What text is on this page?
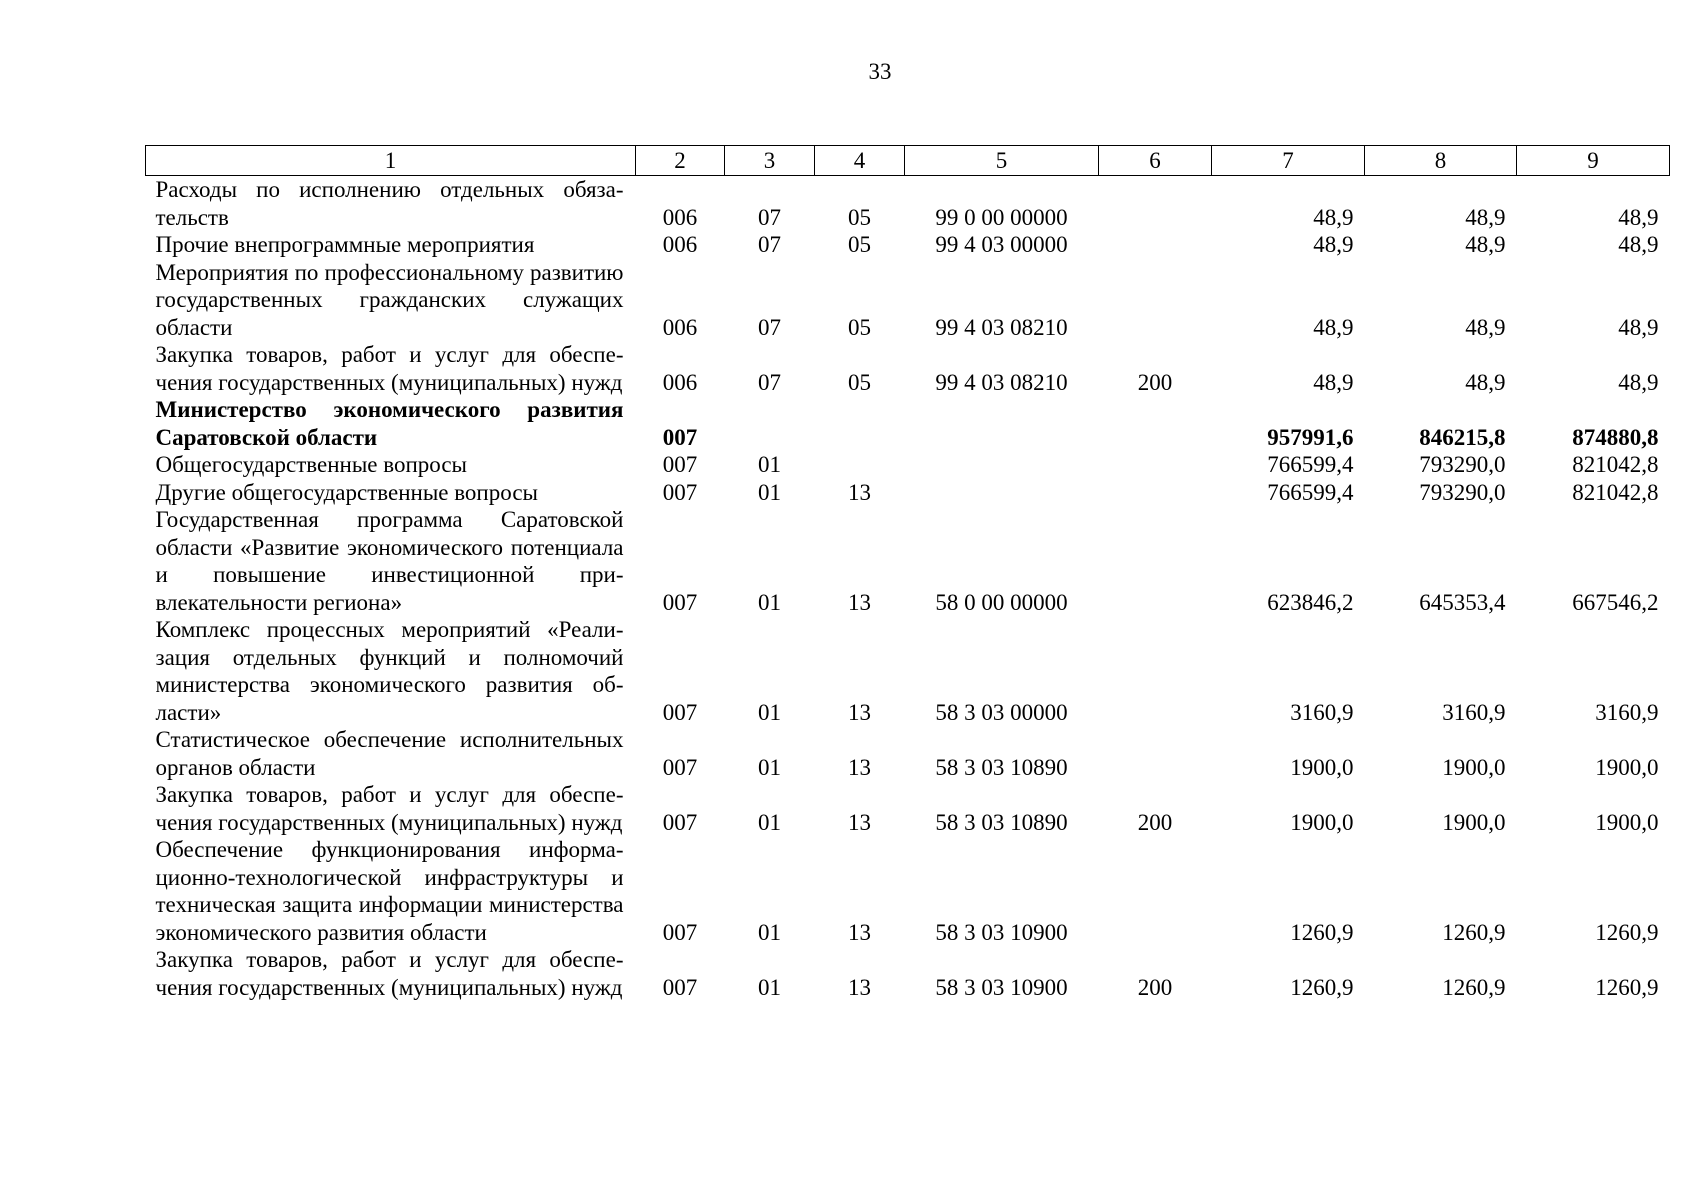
33
1	2	3	4	5	6	7	8	9
Расходы по исполнению отдельных обязательств	006	07	05	99 0 00 00000		48,9	48,9	48,9
Прочие внепрограммные мероприятия	006	07	05	99 4 03 00000		48,9	48,9	48,9
Мероприятия по профессиональному развитию государственных гражданских служащих области	006	07	05	99 4 03 08210		48,9	48,9	48,9
Закупка товаров, работ и услуг для обеспечения государственных (муниципальных) нужд	006	07	05	99 4 03 08210	200	48,9	48,9	48,9
Министерство экономического развития Саратовской области	007					957991,6	846215,8	874880,8
Общегосударственные вопросы	007	01				766599,4	793290,0	821042,8
Другие общегосударственные вопросы	007	01	13			766599,4	793290,0	821042,8
Государственная программа Саратовской области «Развитие экономического потенциала и повышение инвестиционной привлекательности региона»	007	01	13	58 0 00 00000		623846,2	645353,4	667546,2
Комплекс процессных мероприятий «Реализация отдельных функций и полномочий министерства экономического развития области»	007	01	13	58 3 03 00000		3160,9	3160,9	3160,9
Статистическое обеспечение исполнительных органов области	007	01	13	58 3 03 10890		1900,0	1900,0	1900,0
Закупка товаров, работ и услуг для обеспечения государственных (муниципальных) нужд	007	01	13	58 3 03 10890	200	1900,0	1900,0	1900,0
Обеспечение функционирования информационно-технологической инфраструктуры и техническая защита информации министерства экономического развития области	007	01	13	58 3 03 10900		1260,9	1260,9	1260,9
Закупка товаров, работ и услуг для обеспечения государственных (муниципальных) нужд	007	01	13	58 3 03 10900	200	1260,9	1260,9	1260,9
